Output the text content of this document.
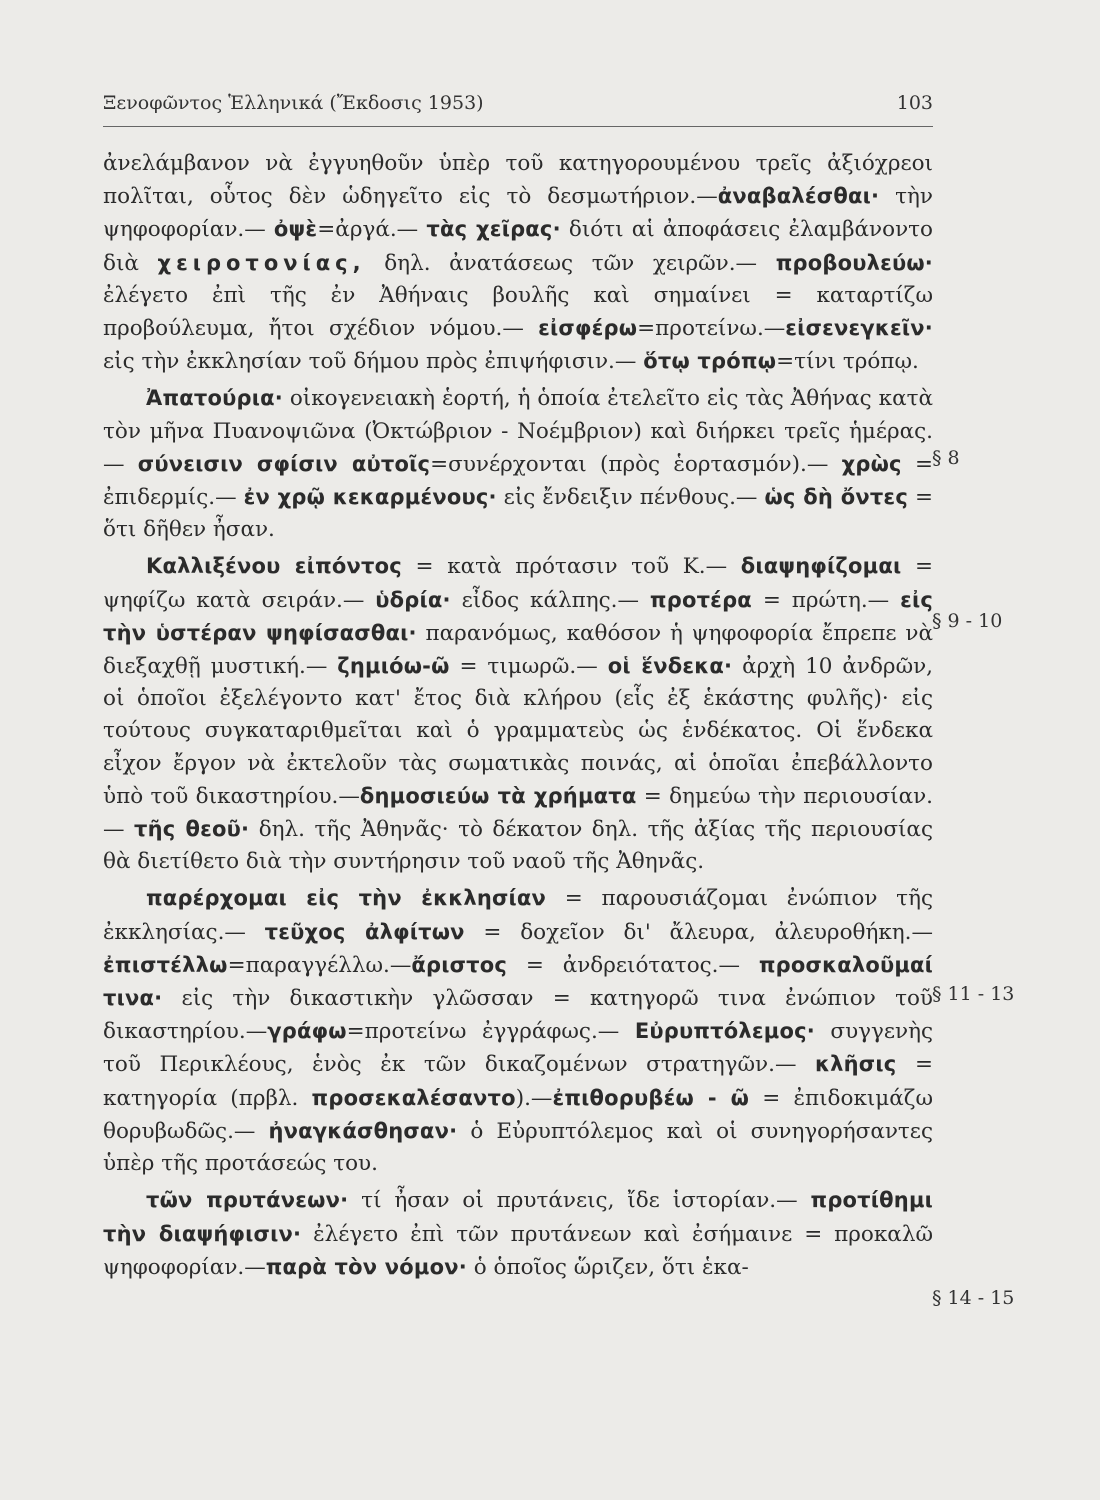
Ξενοφῶντος Ἑλληνικά (Ἔκδοσις 1953)	103

ἀνελάμβανον νὰ ἐγγυηθοῦν ὑπὲρ τοῦ κατηγορουμένου τρεῖς ἀξιόχρεοι πολῖται, οὗτος δὲν ὡδηγεῖτο εἰς τὸ δεσμωτήριον.—ἀναβαλέσθαι· τὴν ψηφοφορίαν.— ὀψὲ=ἀργά.— τὰς χεῖρας· διότι αἱ ἀποφάσεις ἐλαμβάνοντο διὰ χειροτονίας, δηλ. ἀνατάσεως τῶν χειρῶν.— προβουλεύω· ἐλέγετο ἐπὶ τῆς ἐν Ἀθήναις βουλῆς καὶ σημαίνει = καταρτίζω προβούλευμα, ἤτοι σχέδιον νόμου.— εἰσφέρω=προτείνω.—εἰσενεγκεῖν· εἰς τὴν ἐκκλησίαν τοῦ δήμου πρὸς ἐπιψήφισιν.— ὅτῳ τρόπῳ=τίνι τρόπῳ.

Ἀπατούρια· οἰκογενειακὴ ἑορτή, ἡ ὁποία ἐτελεῖτο εἰς τὰς Ἀθήνας κατὰ τὸν μῆνα Πυανοψιῶνα (Ὀκτώβριον - Νοέμβριον) καὶ διήρκει τρεῖς ἡμέρας.— σύνεισιν σφίσιν αὐτοῖς=συνέρχονται (πρὸς ἑορτασμόν).— χρὼς = ἐπιδερμίς.— ἐν χρῷ κεκαρμένους· εἰς ἔνδειξιν πένθους.— ὡς δὴ ὄντες = ὅτι δῆθεν ἦσαν.

Καλλιξένου εἰπόντος = κατὰ πρότασιν τοῦ Κ.— διαψηφίζομαι = ψηφίζω κατὰ σειράν.— ὑδρία· εἶδος κάλπης.— προτέρα = πρώτη.— εἰς τὴν ὑστέραν ψηφίσασθαι· παρανόμως, καθόσον ἡ ψηφοφορία ἔπρεπε νὰ διεξαχθῇ μυστική.— ζημιόω-ῶ = τιμωρῶ.— οἱ ἕνδεκα· ἀρχὴ 10 ἀνδρῶν, οἱ ὁποῖοι ἐξελέγοντο κατ' ἔτος διὰ κλήρου (εἷς ἐξ ἑκάστης φυλῆς)· εἰς τούτους συγκαταριθμεῖται καὶ ὁ γραμματεὺς ὡς ἑνδέκατος. Οἱ ἕνδεκα εἶχον ἔργον νὰ ἐκτελοῦν τὰς σωματικὰς ποινάς, αἱ ὁποῖαι ἐπεβάλλοντο ὑπὸ τοῦ δικαστηρίου.—δημοσιεύω τὰ χρήματα = δημεύω τὴν περιουσίαν.— τῆς θεοῦ· δηλ. τῆς Ἀθηνᾶς· τὸ δέκατον δηλ. τῆς ἀξίας τῆς περιουσίας θὰ διετίθετο διὰ τὴν συντήρησιν τοῦ ναοῦ τῆς Ἀθηνᾶς.

παρέρχομαι εἰς τὴν ἐκκλησίαν = παρουσιάζομαι ἐνώπιον τῆς ἐκκλησίας.— τεῦχος ἀλφίτων = δοχεῖον δι' ἄλευρα, ἀλευροθήκη.— ἐπιστέλλω=παραγγέλλω.—ἄριστος = ἀνδρειότατος.— προσκαλοῦμαί τινα· εἰς τὴν δικαστικὴν γλῶσσαν = κατηγορῶ τινα ἐνώπιον τοῦ δικαστηρίου.—γράφω=προτείνω ἐγγράφως.— Εὐρυπτόλεμος· συγγενὴς τοῦ Περικλέους, ἑνὸς ἐκ τῶν δικαζομένων στρατηγῶν.— κλῆσις = κατηγορία (πρβλ. προσεκαλέσαντο).—ἐπιθορυβέω - ῶ = ἐπιδοκιμάζω θορυβωδῶς.— ἠναγκάσθησαν· ὁ Εὐρυπτόλεμος καὶ οἱ συνηγορήσαντες ὑπὲρ τῆς προτάσεώς του.

τῶν πρυτάνεων· τί ἦσαν οἱ πρυτάνεις, ἴδε ἱστορίαν.— προτίθημι τὴν διαψήφισιν· ἐλέγετο ἐπὶ τῶν πρυτάνεων καὶ ἐσήμαινε = προκαλῶ ψηφοφορίαν.—παρὰ τὸν νόμον· ὁ ὁποῖος ὥριζεν, ὅτι ἑκα-

§ 8
§ 9 - 10
§ 11 - 13
§ 14 - 15
